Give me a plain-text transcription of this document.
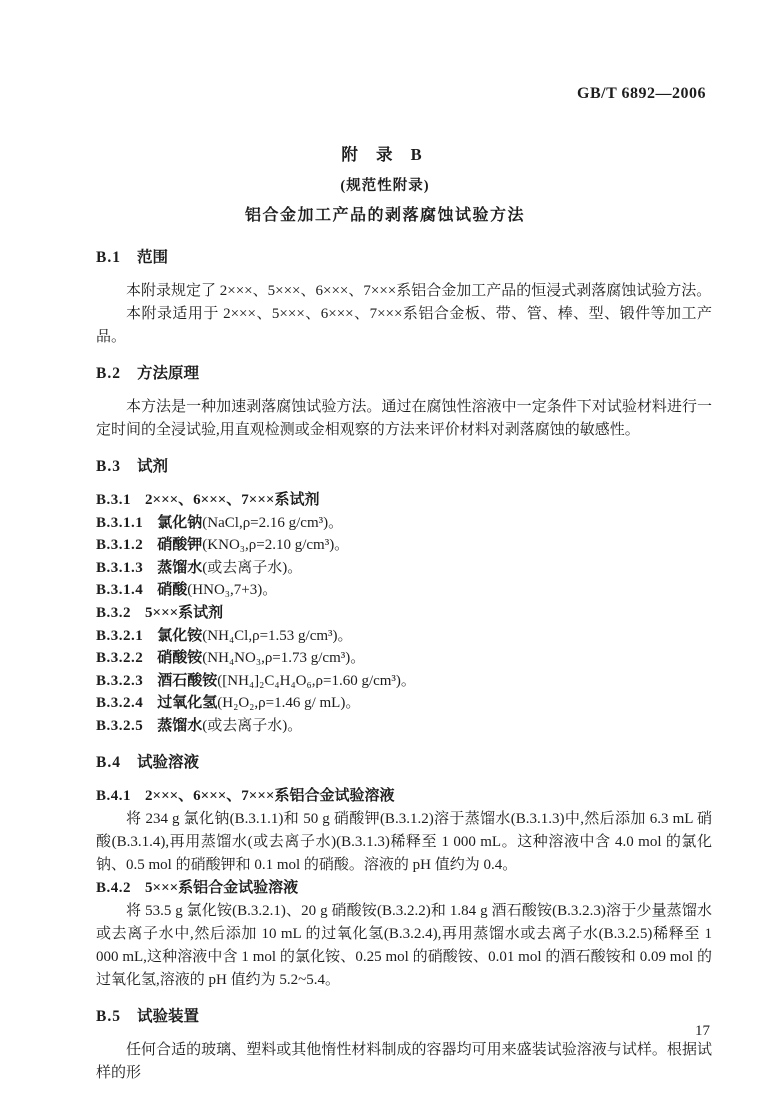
GB/T 6892—2006
附 录 B
(规范性附录)
铝合金加工产品的剥落腐蚀试验方法
B.1 范围

本附录规定了 2×××、5×××、6×××、7×××系铝合金加工产品的恒浸式剥落腐蚀试验方法。

本附录适用于 2×××、5×××、6×××、7×××系铝合金板、带、管、棒、型、锻件等加工产品。

B.2 方法原理

本方法是一种加速剥落腐蚀试验方法。通过在腐蚀性溶液中一定条件下对试验材料进行一定时间的全浸试验,用直观检测或金相观察的方法来评价材料对剥落腐蚀的敏感性。

B.3 试剂
B.3.1 2×××、6×××、7×××系试剂
B.3.1.1 氯化钠(NaCl,ρ=2.16 g/cm³)。
B.3.1.2 硝酸钾(KNO₃,ρ=2.10 g/cm³)。
B.3.1.3 蒸馏水(或去离子水)。
B.3.1.4 硝酸(HNO₃,7+3)。
B.3.2 5×××系试剂
B.3.2.1 氯化铵(NH₄Cl,ρ=1.53 g/cm³)。
B.3.2.2 硝酸铵(NH₄NO₃,ρ=1.73 g/cm³)。
B.3.2.3 酒石酸铵([NH₄]₂C₄H₄O₆,ρ=1.60 g/cm³)。
B.3.2.4 过氧化氢(H₂O₂,ρ=1.46 g/ mL)。
B.3.2.5 蒸馏水(或去离子水)。
B.4 试验溶液
B.4.1 2×××、6×××、7×××系铝合金试验溶液

将 234 g 氯化钠(B.3.1.1)和 50 g 硝酸钾(B.3.1.2)溶于蒸馏水(B.3.1.3)中,然后添加 6.3 mL 硝酸(B.3.1.4),再用蒸馏水(或去离子水)(B.3.1.3)稀释至 1 000 mL。这种溶液中含 4.0 mol 的氯化钠、0.5 mol 的硝酸钾和 0.1 mol 的硝酸。溶液的 pH 值约为 0.4。

B.4.2 5×××系铝合金试验溶液

将 53.5 g 氯化铵(B.3.2.1)、20 g 硝酸铵(B.3.2.2)和 1.84 g 酒石酸铵(B.3.2.3)溶于少量蒸馏水或去离子水中,然后添加 10 mL 的过氧化氢(B.3.2.4),再用蒸馏水或去离子水(B.3.2.5)稀释至 1 000 mL,这种溶液中含 1 mol 的氯化铵、0.25 mol 的硝酸铵、0.01 mol 的酒石酸铵和 0.09 mol 的过氧化氢,溶液的 pH 值约为 5.2~5.4。

B.5 试验装置

任何合适的玻璃、塑料或其他惰性材料制成的容器均可用来盛装试验溶液与试样。根据试样的形

17
